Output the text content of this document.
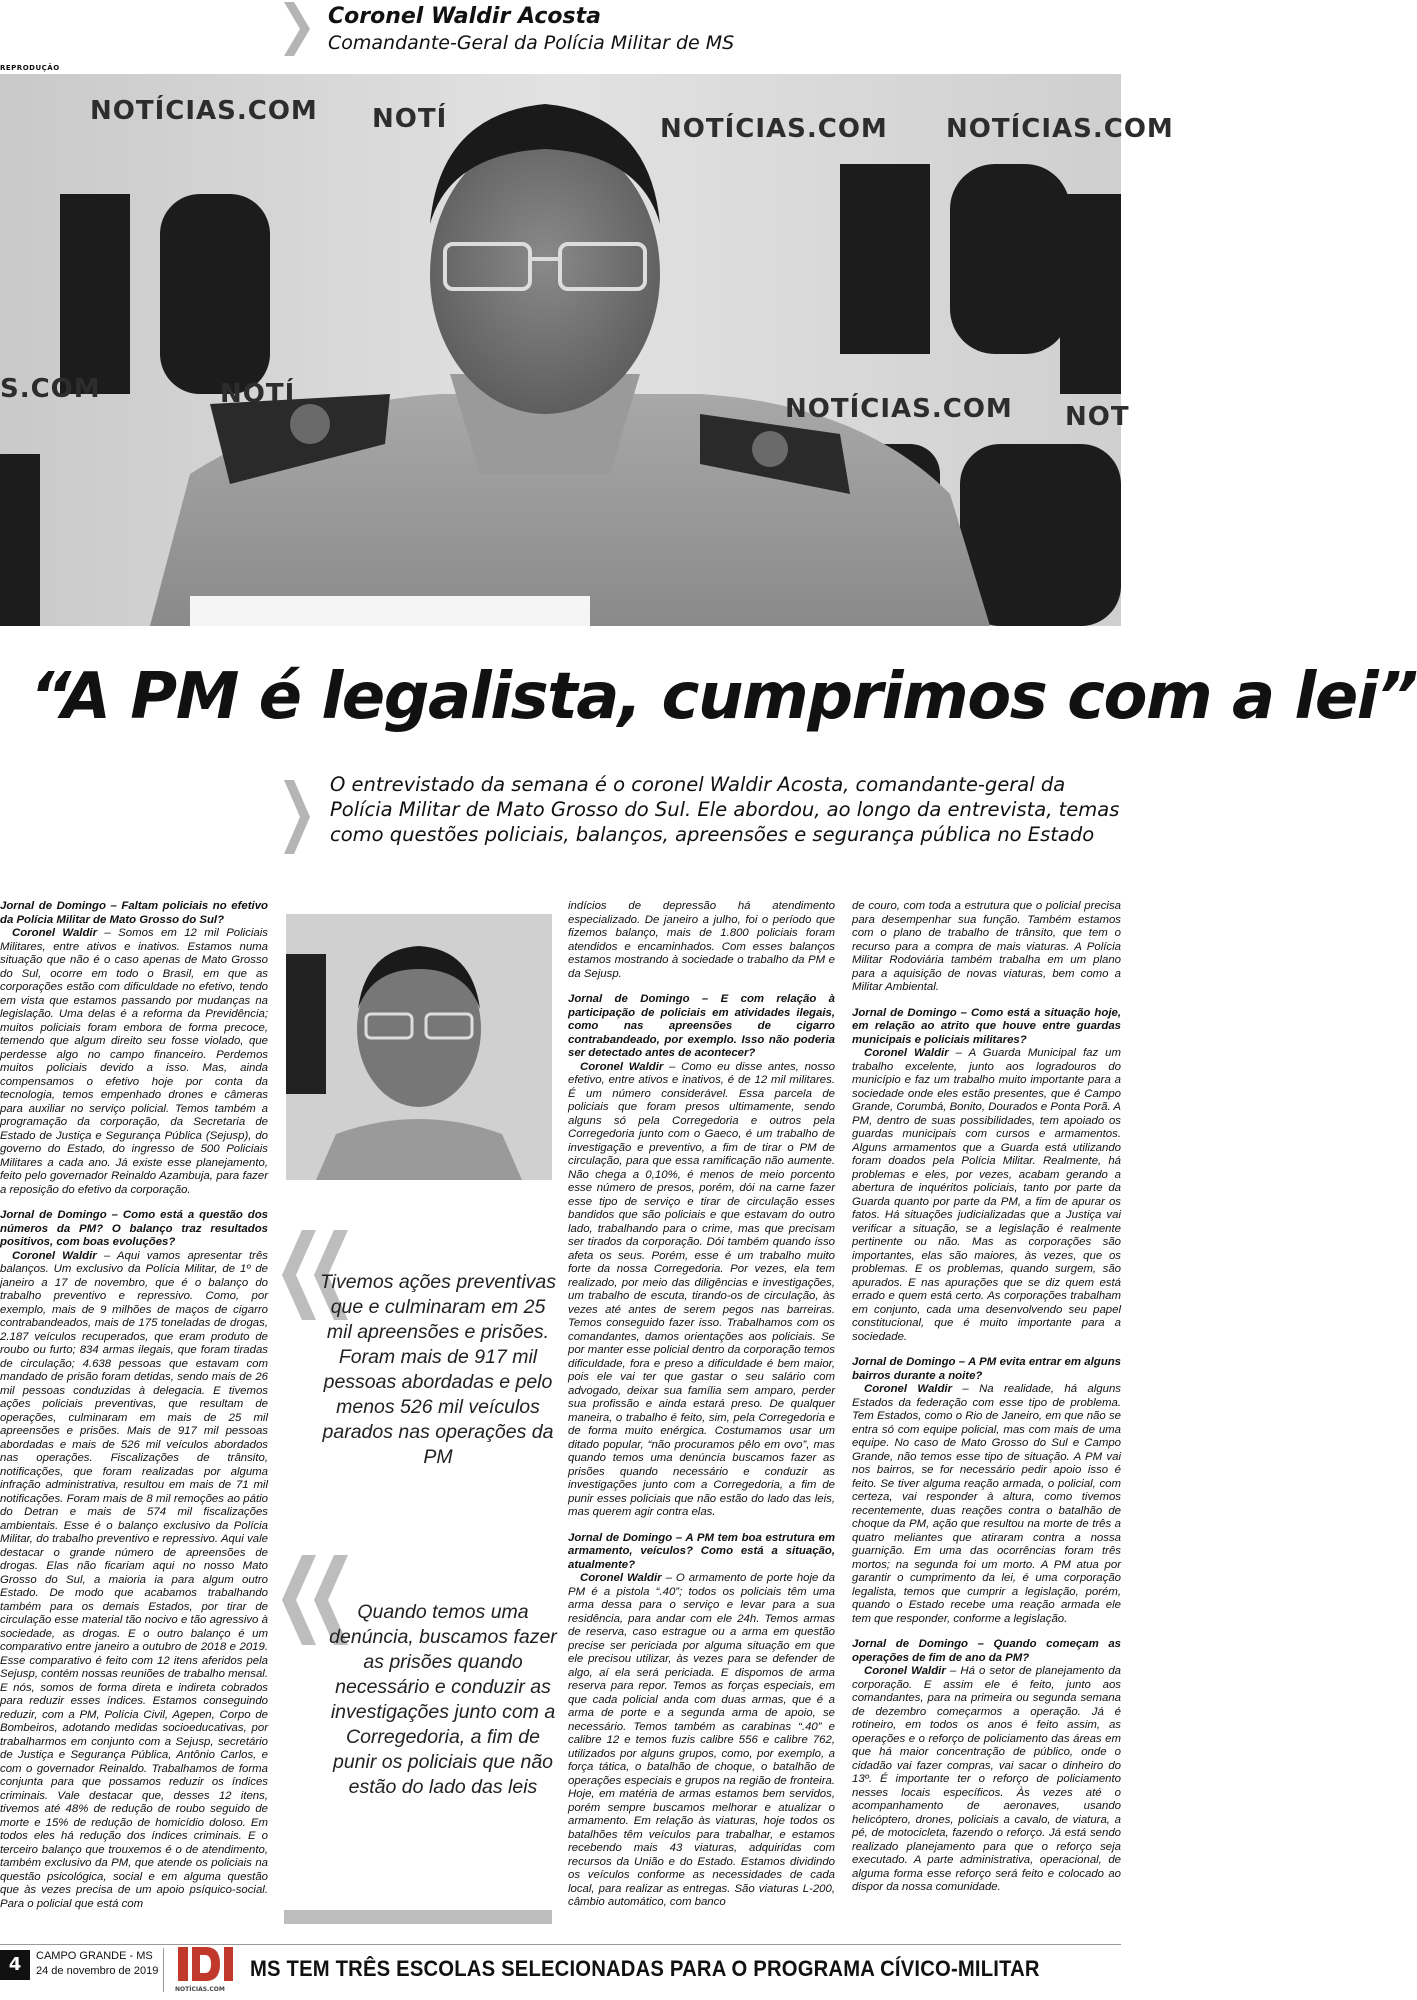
Coronel Waldir Acosta
Comandante-Geral da Polícia Militar de MS
REPRODUÇÃO
NOTÍCIAS.COM NOTÍ	NOTÍCIAS.COM NOTÍCIAS.COM
S.COM	NOTÍ	NOTÍCIAS.COM NOT
“A PM é legalista, cumprimos com a lei”
O entrevistado da semana é o coronel Waldir Acosta, comandante-geral da Polícia Militar de Mato Grosso do Sul. Ele abordou, ao longo da entrevista, temas como questões policiais, balanços, apreensões e segurança pública no Estado

Jornal de Domingo – Faltam policiais no efetivo da Polícia Militar de Mato Grosso do Sul?

Coronel Waldir – Somos em 12 mil Policiais Militares, entre ativos e inativos. Estamos numa situação que não é o caso apenas de Mato Grosso do Sul, ocorre em todo o Brasil, em que as corporações estão com dificuldade no efetivo, tendo em vista que estamos passando por mudanças na legislação. Uma delas é a reforma da Previdência; muitos policiais foram embora de forma precoce, temendo que algum direito seu fosse violado, que perdesse algo no campo financeiro. Perdemos muitos policiais devido a isso. Mas, ainda compensamos o efetivo hoje por conta da tecnologia, temos empenhado drones e câmeras para auxiliar no serviço policial. Temos também a programação da corporação, da Secretaria de Estado de Justiça e Segurança Pública (Sejusp), do governo do Estado, do ingresso de 500 Policiais Militares a cada ano. Já existe esse planejamento, feito pelo governador Reinaldo Azambuja, para fazer a reposição do efetivo da corporação.

Jornal de Domingo – Como está a questão dos números da PM? O balanço traz resultados positivos, com boas evoluções?

Coronel Waldir – Aqui vamos apresentar três balanços. Um exclusivo da Polícia Militar, de 1º de janeiro a 17 de novembro, que é o balanço do trabalho preventivo e repressivo. Como, por exemplo, mais de 9 milhões de maços de cigarro contrabandeados, mais de 175 toneladas de drogas, 2.187 veículos recuperados, que eram produto de roubo ou furto; 834 armas ilegais, que foram tiradas de circulação; 4.638 pessoas que estavam com mandado de prisão foram detidas, sendo mais de 26 mil pessoas conduzidas à delegacia. E tivemos ações policiais preventivas, que resultam de operações, culminaram em mais de 25 mil apreensões e prisões. Mais de 917 mil pessoas abordadas e mais de 526 mil veículos abordados nas operações. Fiscalizações de trânsito, notificações, que foram realizadas por alguma infração administrativa, resultou em mais de 71 mil notificações. Foram mais de 8 mil remoções ao pátio do Detran e mais de 574 mil fiscalizações ambientais. Esse é o balanço exclusivo da Polícia Militar, do trabalho preventivo e repressivo. Aqui vale destacar o grande número de apreensões de drogas. Elas não ficariam aqui no nosso Mato Grosso do Sul, a maioria ia para algum outro Estado. De modo que acabamos trabalhando também para os demais Estados, por tirar de circulação esse material tão nocivo e tão agressivo à sociedade, as drogas. E o outro balanço é um comparativo entre janeiro a outubro de 2018 e 2019. Esse comparativo é feito com 12 itens aferidos pela Sejusp, contém nossas reuniões de trabalho mensal. E nós, somos de forma direta e indireta cobrados para reduzir esses índices. Estamos conseguindo reduzir, com a PM, Polícia Civil, Agepen, Corpo de Bombeiros, adotando medidas socioeducativas, por trabalharmos em conjunto com a Sejusp, secretário de Justiça e Segurança Pública, Antônio Carlos, e com o governador Reinaldo. Trabalhamos de forma conjunta para que possamos reduzir os índices criminais. Vale destacar que, desses 12 itens, tivemos até 48% de redução de roubo seguido de morte e 15% de redução de homicídio doloso. Em todos eles há redução dos índices criminais. E o terceiro balanço que trouxemos é o de atendimento, também exclusivo da PM, que atende os policiais na questão psicológica, social e em alguma questão que às vezes precisa de um apoio psíquico-social. Para o policial que está com

Tivemos ações preventivas que e culminaram em 25 mil apreensões e prisões. Foram mais de 917 mil pessoas abordadas e pelo menos 526 mil veículos parados nas operações da PM
Quando temos uma denúncia, buscamos fazer as prisões quando necessário e conduzir as investigações junto com a Corregedoria, a fim de punir os policiais que não estão do lado das leis

indícios de depressão há atendimento especializado. De janeiro a julho, foi o período que fizemos balanço, mais de 1.800 policiais foram atendidos e encaminhados. Com esses balanços estamos mostrando à sociedade o trabalho da PM e da Sejusp.

Jornal de Domingo – E com relação à participação de policiais em atividades ilegais, como nas apreensões de cigarro contrabandeado, por exemplo. Isso não poderia ser detectado antes de acontecer?

Coronel Waldir – Como eu disse antes, nosso efetivo, entre ativos e inativos, é de 12 mil militares. É um número considerável. Essa parcela de policiais que foram presos ultimamente, sendo alguns só pela Corregedoria e outros pela Corregedoria junto com o Gaeco, é um trabalho de investigação e preventivo, a fim de tirar o PM de circulação, para que essa ramificação não aumente. Não chega a 0,10%, é menos de meio porcento esse número de presos, porém, dói na carne fazer esse tipo de serviço e tirar de circulação esses bandidos que são policiais e que estavam do outro lado, trabalhando para o crime, mas que precisam ser tirados da corporação. Dói também quando isso afeta os seus. Porém, esse é um trabalho muito forte da nossa Corregedoria. Por vezes, ela tem realizado, por meio das diligências e investigações, um trabalho de escuta, tirando-os de circulação, às vezes até antes de serem pegos nas barreiras. Temos conseguido fazer isso. Trabalhamos com os comandantes, damos orientações aos policiais. Se por manter esse policial dentro da corporação temos dificuldade, fora e preso a dificuldade é bem maior, pois ele vai ter que gastar o seu salário com advogado, deixar sua família sem amparo, perder sua profissão e ainda estará preso. De qualquer maneira, o trabalho é feito, sim, pela Corregedoria e de forma muito enérgica. Costumamos usar um ditado popular, “não procuramos pêlo em ovo”, mas quando temos uma denúncia buscamos fazer as prisões quando necessário e conduzir as investigações junto com a Corregedoria, a fim de punir esses policiais que não estão do lado das leis, mas querem agir contra elas.

Jornal de Domingo – A PM tem boa estrutura em armamento, veículos? Como está a situação, atualmente?

Coronel Waldir – O armamento de porte hoje da PM é a pistola “.40”; todos os policiais têm uma arma dessa para o serviço e levar para a sua residência, para andar com ele 24h. Temos armas de reserva, caso estrague ou a arma em questão precise ser periciada por alguma situação em que ele precisou utilizar, às vezes para se defender de algo, aí ela será periciada. E dispomos de arma reserva para repor. Temos as forças especiais, em que cada policial anda com duas armas, que é a arma de porte e a segunda arma de apoio, se necessário. Temos também as carabinas “.40” e calibre 12 e temos fuzis calibre 556 e calibre 762, utilizados por alguns grupos, como, por exemplo, a força tática, o batalhão de choque, o batalhão de operações especiais e grupos na região de fronteira. Hoje, em matéria de armas estamos bem servidos, porém sempre buscamos melhorar e atualizar o armamento. Em relação às viaturas, hoje todos os batalhões têm veículos para trabalhar, e estamos recebendo mais 43 viaturas, adquiridas com recursos da União e do Estado. Estamos dividindo os veículos conforme as necessidades de cada local, para realizar as entregas. São viaturas L-200, câmbio automático, com banco

de couro, com toda a estrutura que o policial precisa para desempenhar sua função. Também estamos com o plano de trabalho de trânsito, que tem o recurso para a compra de mais viaturas. A Polícia Militar Rodoviária também trabalha em um plano para a aquisição de novas viaturas, bem como a Militar Ambiental.

Jornal de Domingo – Como está a situação hoje, em relação ao atrito que houve entre guardas municipais e policiais militares?

Coronel Waldir – A Guarda Municipal faz um trabalho excelente, junto aos logradouros do município e faz um trabalho muito importante para a sociedade onde eles estão presentes, que é Campo Grande, Corumbá, Bonito, Dourados e Ponta Porã. A PM, dentro de suas possibilidades, tem apoiado os guardas municipais com cursos e armamentos. Alguns armamentos que a Guarda está utilizando foram doados pela Polícia Militar. Realmente, há problemas e eles, por vezes, acabam gerando a abertura de inquéritos policiais, tanto por parte da Guarda quanto por parte da PM, a fim de apurar os fatos. Há situações judicializadas que a Justiça vai verificar a situação, se a legislação é realmente pertinente ou não. Mas as corporações são importantes, elas são maiores, às vezes, que os problemas. E os problemas, quando surgem, são apurados. E nas apurações que se diz quem está errado e quem está certo. As corporações trabalham em conjunto, cada uma desenvolvendo seu papel constitucional, que é muito importante para a sociedade.

Jornal de Domingo – A PM evita entrar em alguns bairros durante a noite?

Coronel Waldir – Na realidade, há alguns Estados da federação com esse tipo de problema. Tem Estados, como o Rio de Janeiro, em que não se entra só com equipe policial, mas com mais de uma equipe. No caso de Mato Grosso do Sul e Campo Grande, não temos esse tipo de situação. A PM vai nos bairros, se for necessário pedir apoio isso é feito. Se tiver alguma reação armada, o policial, com certeza, vai responder à altura, como tivemos recentemente, duas reações contra o batalhão de choque da PM, ação que resultou na morte de três a quatro meliantes que atiraram contra a nossa guarnição. Em uma das ocorrências foram três mortos; na segunda foi um morto. A PM atua por garantir o cumprimento da lei, é uma corporação legalista, temos que cumprir a legislação, porém, quando o Estado recebe uma reação armada ele tem que responder, conforme a legislação.

Jornal de Domingo – Quando começam as operações de fim de ano da PM?

Coronel Waldir – Há o setor de planejamento da corporação. E assim ele é feito, junto aos comandantes, para na primeira ou segunda semana de dezembro começarmos a operação. Já é rotineiro, em todos os anos é feito assim, as operações e o reforço de policiamento das áreas em que há maior concentração de público, onde o cidadão vai fazer compras, vai sacar o dinheiro do 13º. É importante ter o reforço de policiamento nesses locais específicos. Às vezes até o acompanhamento de aeronaves, usando helicóptero, drones, policiais a cavalo, de viatura, a pé, de motocicleta, fazendo o reforço. Já está sendo realizado planejamento para que o reforço seja executado. A parte administrativa, operacional, de alguma forma esse reforço será feito e colocado ao dispor da nossa comunidade.

4	CAMPO GRANDE - MS
24 de novembro de 2019
NOTÍCIAS.COM
MS TEM TRÊS ESCOLAS SELECIONADAS PARA O PROGRAMA CÍVICO-MILITAR
